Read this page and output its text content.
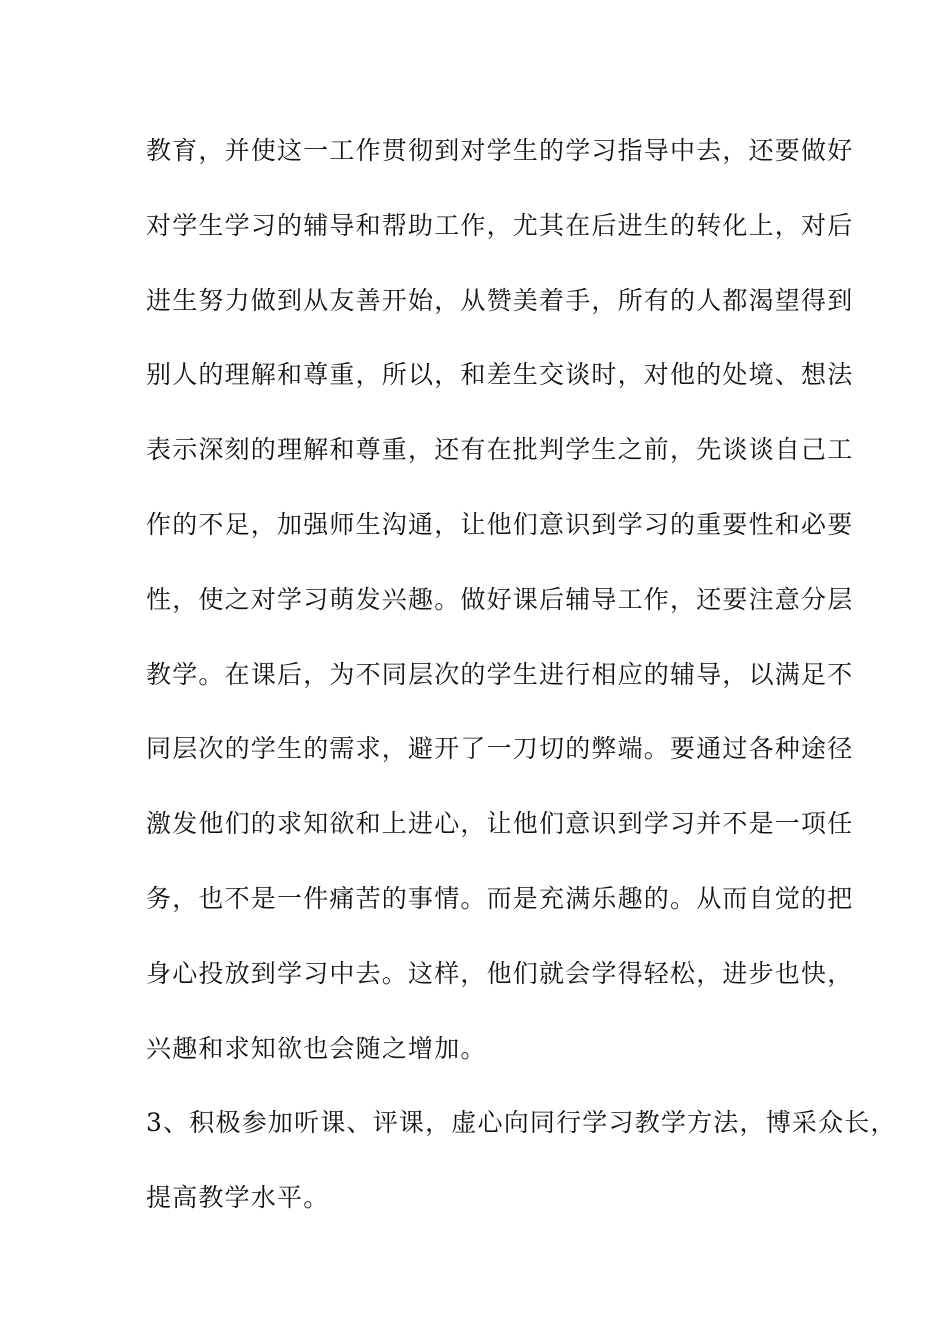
教育，并使这一工作贯彻到对学生的学习指导中去，还要做好
对学生学习的辅导和帮助工作，尤其在后进生的转化上，对后
进生努力做到从友善开始，从赞美着手，所有的人都渴望得到
别人的理解和尊重，所以，和差生交谈时，对他的处境、想法
表示深刻的理解和尊重，还有在批判学生之前，先谈谈自己工
作的不足，加强师生沟通，让他们意识到学习的重要性和必要
性，使之对学习萌发兴趣。做好课后辅导工作，还要注意分层
教学。在课后，为不同层次的学生进行相应的辅导，以满足不
同层次的学生的需求，避开了一刀切的弊端。要通过各种途径
激发他们的求知欲和上进心，让他们意识到学习并不是一项任
务，也不是一件痛苦的事情。而是充满乐趣的。从而自觉的把
身心投放到学习中去。这样，他们就会学得轻松，进步也快，
兴趣和求知欲也会随之增加。
3、积极参加听课、评课，虚心向同行学习教学方法，博采众长，
提高教学水平。
